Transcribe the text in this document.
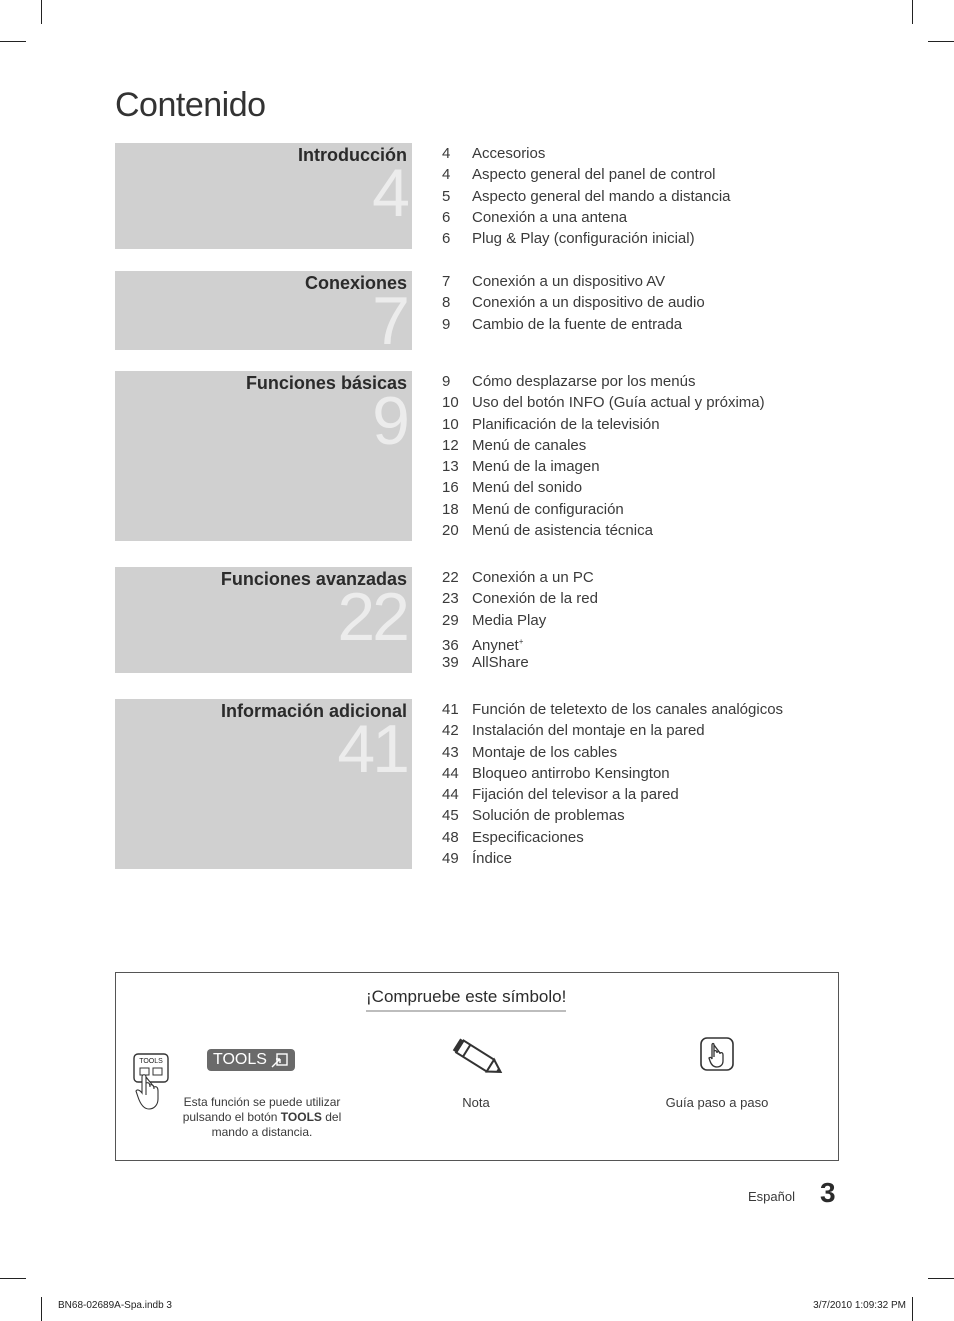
Contenido
4
Introducción 4 Accesorios
4 Aspecto general del panel de control
5 Aspecto general del mando a distancia
6 Conexión a una antena
6 Plug & Play (configuración inicial)
7
Conexiones 7 Conexión a un dispositivo AV
8 Conexión a un dispositivo de audio
9 Cambio de la fuente de entrada
9
Funciones básicas 9 Cómo desplazarse por los menús
10 Uso del botón INFO (Guía actual y próxima)
10 Planificación de la televisión
12 Menú de canales
13 Menú de la imagen
16 Menú del sonido
18 Menú de configuración
20 Menú de asistencia técnica
22
Funciones avanzadas 22 Conexión a un PC
23 Conexión de la red
29 Media Play
36 Anynet+
39 AllShare
41
Información adicional 41 Función de teletexto de los canales analógicos
42 Instalación del montaje en la pared
43 Montaje de los cables
44 Bloqueo antirrobo Kensington
44 Fijación del televisor a la pared
45 Solución de problemas
48 Especificaciones
49 Índice
¡Compruebe este símbolo!
TOOLS	TOOLS
Esta función se puede utilizar
pulsando el botón TOOLS del
mando a distancia.
Nota	Guía paso a paso
Español 3
BN68-02689A-Spa.indb 3	3/7/2010 1:09:32 PM
